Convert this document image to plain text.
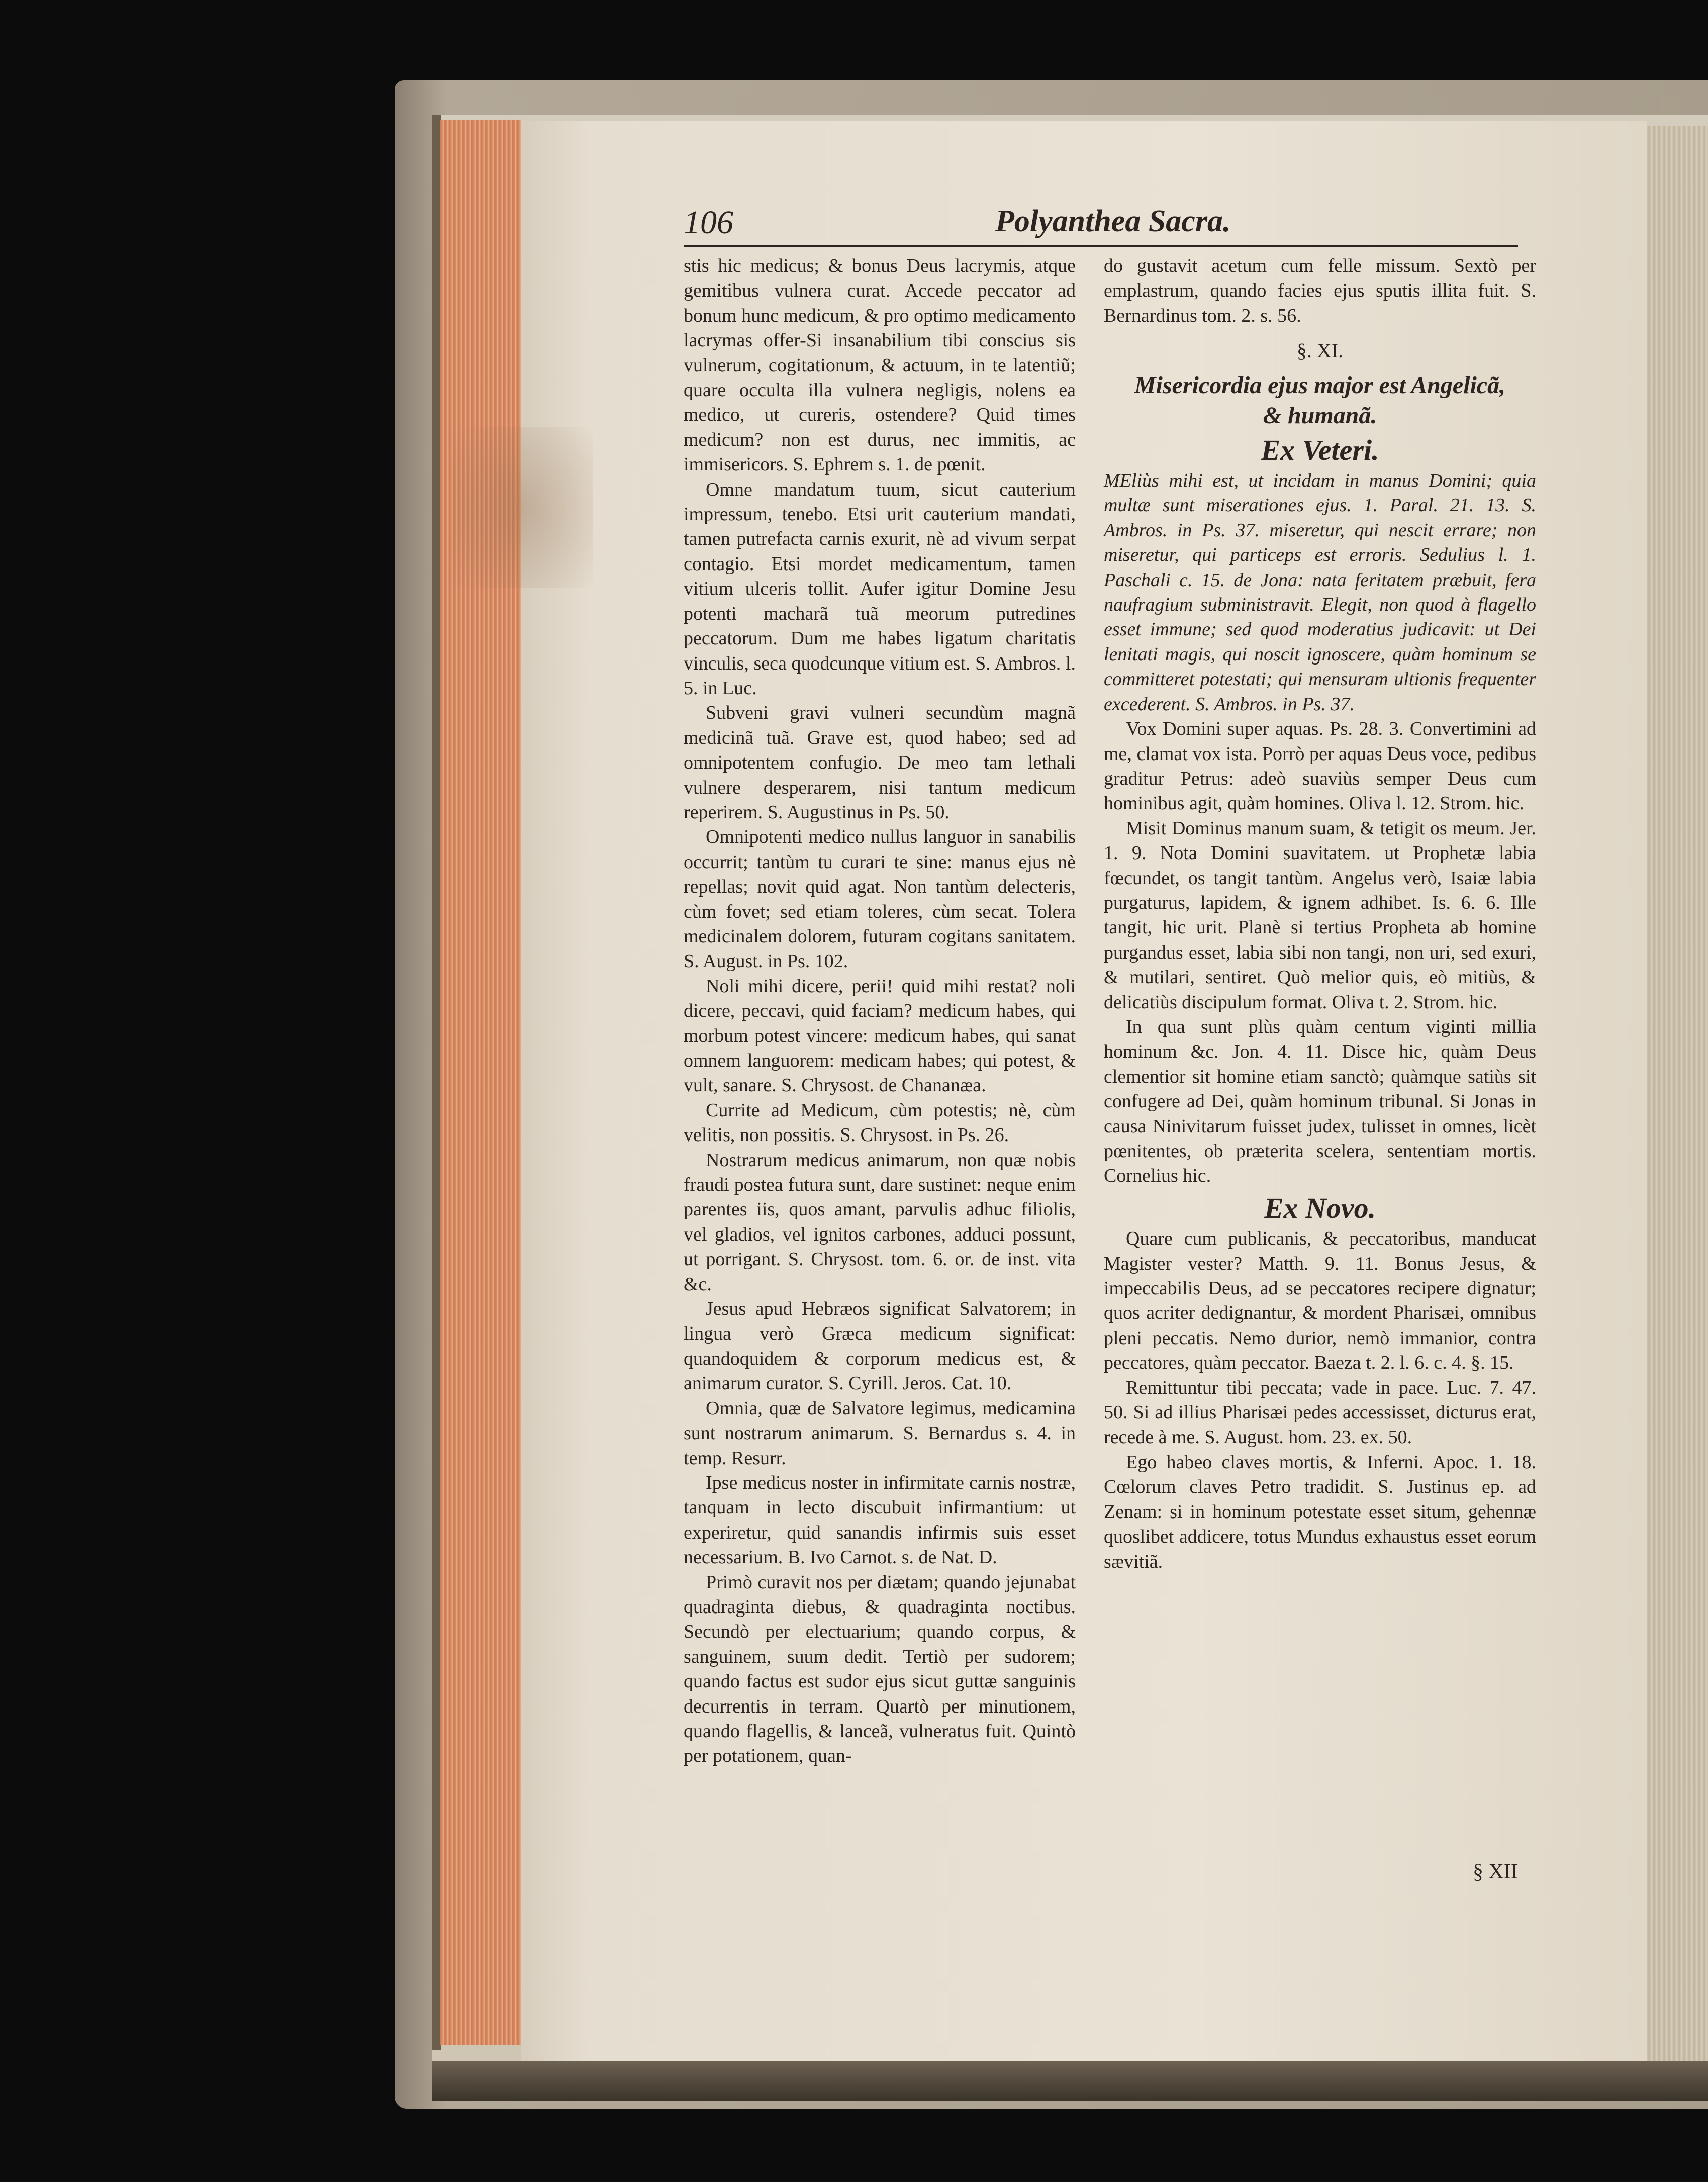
106	Polyanthea Sacra.

stis hic medicus; & bonus Deus lacrymis, atque gemitibus vulnera curat. Accede peccator ad bonum hunc medicum, & pro optimo medicamento lacrymas offer-Si insanabilium tibi conscius sis vulnerum, cogitationum, & actuum, in te latentiũ; quare occulta illa vulnera negligis, nolens ea medico, ut cureris, ostendere? Quid times medicum? non est durus, nec immitis, ac immisericors. S. Ephrem s. 1. de pœnit.

Omne mandatum tuum, sicut cauterium impressum, tenebo. Etsi urit cauterium mandati, tamen putrefacta carnis exurit, nè ad vivum serpat contagio. Etsi mordet medicamentum, tamen vitium ulceris tollit. Aufer igitur Domine Jesu potenti macharã tuã meorum putredines peccatorum. Dum me habes ligatum charitatis vinculis, seca quodcunque vitium est. S. Ambros. l. 5. in Luc.

Subveni gravi vulneri secundùm magnã medicinã tuã. Grave est, quod habeo; sed ad omnipotentem confugio. De meo tam lethali vulnere desperarem, nisi tantum medicum reperirem. S. Augustinus in Ps. 50.

Omnipotenti medico nullus languor in sanabilis occurrit; tantùm tu curari te sine: manus ejus nè repellas; novit quid agat. Non tantùm delecteris, cùm fovet; sed etiam toleres, cùm secat. Tolera medicinalem dolorem, futuram cogitans sanitatem. S. August. in Ps. 102.

Noli mihi dicere, perii! quid mihi restat? noli dicere, peccavi, quid faciam? medicum habes, qui morbum potest vincere: medicum habes, qui sanat omnem languorem: medicam habes; qui potest, & vult, sanare. S. Chrysost. de Chananæa.

Currite ad Medicum, cùm potestis; nè, cùm velitis, non possitis. S. Chrysost. in Ps. 26.

Nostrarum medicus animarum, non quæ nobis fraudi postea futura sunt, dare sustinet: neque enim parentes iis, quos amant, parvulis adhuc filiolis, vel gladios, vel ignitos carbones, adduci possunt, ut porrigant. S. Chrysost. tom. 6. or. de inst. vita &c.

Jesus apud Hebræos significat Salvatorem; in lingua verò Græca medicum significat: quandoquidem & corporum medicus est, & animarum curator. S. Cyrill. Jeros. Cat. 10.

Omnia, quæ de Salvatore legimus, medicamina sunt nostrarum animarum. S. Bernardus s. 4. in temp. Resurr.

Ipse medicus noster in infirmitate carnis nostræ, tanquam in lecto discubuit infirmantium: ut experiretur, quid sanandis infirmis suis esset necessarium. B. Ivo Carnot. s. de Nat. D.

Primò curavit nos per diætam; quando jejunabat quadraginta diebus, & quadraginta noctibus. Secundò per electuarium; quando corpus, & sanguinem, suum dedit. Tertiò per sudorem; quando factus est sudor ejus sicut guttæ sanguinis decurrentis in terram. Quartò per minutionem, quando flagellis, & lanceã, vulneratus fuit. Quintò per potationem, quan-

do gustavit acetum cum felle missum. Sextò per emplastrum, quando facies ejus sputis illita fuit. S. Bernardinus tom. 2. s. 56.

§. XI.
Misericordia ejus major est Angelicã,
& humanã.
Ex Veteri.

MEliùs mihi est, ut incidam in manus Domini; quia multæ sunt miserationes ejus. 1. Paral. 21. 13. S. Ambros. in Ps. 37. miseretur, qui nescit errare; non miseretur, qui particeps est erroris. Sedulius l. 1. Paschali c. 15. de Jona: nata feritatem præbuit, fera naufragium subministravit. Elegit, non quod à flagello esset immune; sed quod moderatius judicavit: ut Dei lenitati magis, qui noscit ignoscere, quàm hominum se committeret potestati; qui mensuram ultionis frequenter excederent. S. Ambros. in Ps. 37.

Vox Domini super aquas. Ps. 28. 3. Convertimini ad me, clamat vox ista. Porrò per aquas Deus voce, pedibus graditur Petrus: adeò suaviùs semper Deus cum hominibus agit, quàm homines. Oliva l. 12. Strom. hic.

Misit Dominus manum suam, & tetigit os meum. Jer. 1. 9. Nota Domini suavitatem. ut Prophetæ labia fœcundet, os tangit tantùm. Angelus verò, Isaiæ labia purgaturus, lapidem, & ignem adhibet. Is. 6. 6. Ille tangit, hic urit. Planè si tertius Propheta ab homine purgandus esset, labia sibi non tangi, non uri, sed exuri, & mutilari, sentiret. Quò melior quis, eò mitiùs, & delicatiùs discipulum format. Oliva t. 2. Strom. hic.

In qua sunt plùs quàm centum viginti millia hominum &c. Jon. 4. 11. Disce hic, quàm Deus clementior sit homine etiam sanctò; quàmque satiùs sit confugere ad Dei, quàm hominum tribunal. Si Jonas in causa Ninivitarum fuisset judex, tulisset in omnes, licèt pœnitentes, ob præterita scelera, sententiam mortis. Cornelius hic.

Ex Novo.

Quare cum publicanis, & peccatoribus, manducat Magister vester? Matth. 9. 11. Bonus Jesus, & impeccabilis Deus, ad se peccatores recipere dignatur; quos acriter dedignantur, & mordent Pharisæi, omnibus pleni peccatis. Nemo durior, nemò immanior, contra peccatores, quàm peccator. Baeza t. 2. l. 6. c. 4. §. 15.

Remittuntur tibi peccata; vade in pace. Luc. 7. 47. 50. Si ad illius Pharisæi pedes accessisset, dicturus erat, recede à me. S. August. hom. 23. ex. 50.

Ego habeo claves mortis, & Inferni. Apoc. 1. 18. Cœlorum claves Petro tradidit. S. Justinus ep. ad Zenam: si in hominum potestate esset situm, gehennæ quoslibet addicere, totus Mundus exhaustus esset eorum sævitiã.

§ XII
